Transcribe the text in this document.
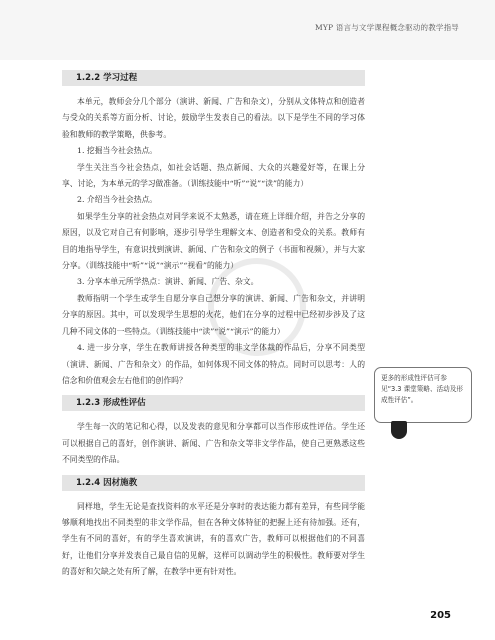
MYP 语言与文学课程概念驱动的教学指导
1.2.2 学习过程

本单元，教师会分几个部分（演讲、新闻、广告和杂文），分别从文体特点和创造者与受众的关系等方面分析、讨论，鼓励学生发表自己的看法。以下是学生不同的学习体验和教师的教学策略，供参考。

1. 挖掘当今社会热点。

学生关注当今社会热点，如社会话题、热点新闻、大众的兴趣爱好等，在课上分享、讨论，为本单元的学习做准备。（训练技能中“听”“说”“读”的能力）

2. 介绍当今社会热点。

如果学生分享的社会热点对同学来说不太熟悉，请在班上详细介绍，并告之分享的原因，以及它对自己有何影响，逐步引导学生理解文本、创造者和受众的关系。教师有目的地指导学生，有意识找到演讲、新闻、广告和杂文的例子（书面和视频），并与大家分享。（训练技能中“听”“说”“演示”“视看”的能力）

3. 分享本单元所学热点：演讲、新闻、广告、杂文。

教师指明一个学生或学生自愿分享自己想分享的演讲、新闻、广告和杂文，并讲明分享的原因。其中，可以发现学生思想的火花，他们在分享的过程中已经初步涉及了这几种不同文体的一些特点。（训练技能中“读”“说”“演示”的能力）

4. 进一步分享，学生在教师讲授各种类型的非文学体裁的作品后，分享不同类型（演讲、新闻、广告和杂文）的作品，如何体现不同文体的特点。同时可以思考：人的信念和价值观会左右他们的创作吗？

1.2.3 形成性评估

学生每一次的笔记和心得，以及发表的意见和分享都可以当作形成性评估。学生还可以根据自己的喜好，创作演讲、新闻、广告和杂文等非文学作品，使自己更熟悉这些不同类型的作品。

1.2.4 因材施教

同样地，学生无论是查找资料的水平还是分享时的表达能力都有差异，有些同学能够顺利地找出不同类型的非文学作品，但在各种文体特征的把握上还有待加强。还有，学生有不同的喜好，有的学生喜欢演讲，有的喜欢广告，教师可以根据他们的不同喜好，让他们分享并发表自己最自信的见解，这样可以调动学生的积极性。教师要对学生的喜好和欠缺之处有所了解，在教学中更有针对性。

更多的形成性评估可参见“3.3 课堂策略、活动及形成性评估”。
205
